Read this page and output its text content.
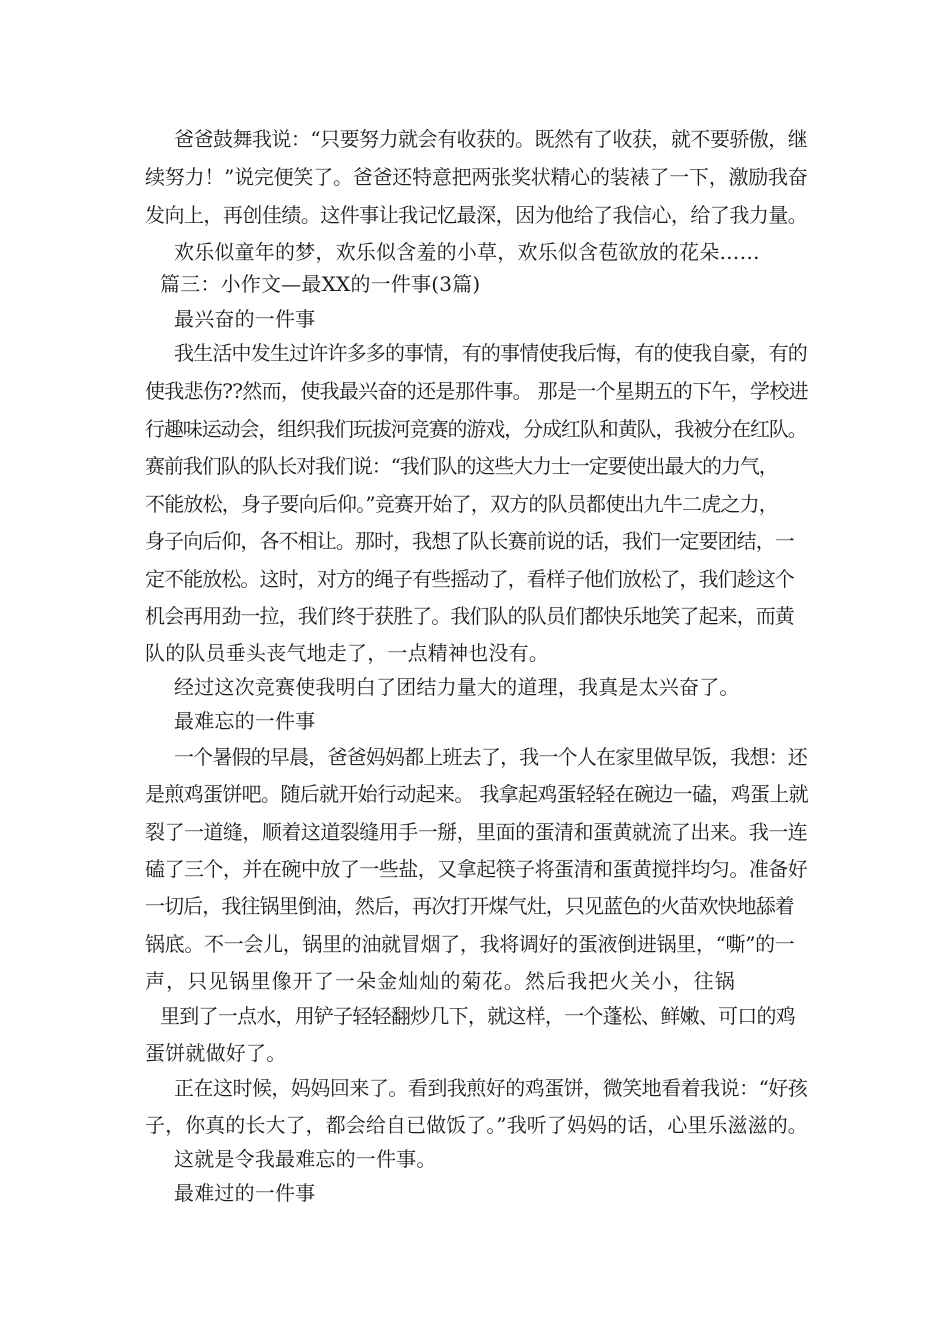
爸爸鼓舞我说：“只要努力就会有收获的。既然有了收获，就不要骄傲，继
续努力！”说完便笑了。爸爸还特意把两张奖状精心的装裱了一下，激励我奋
发向上，再创佳绩。这件事让我记忆最深，因为他给了我信心，给了我力量。
欢乐似童年的梦，欢乐似含羞的小草，欢乐似含苞欲放的花朵……
篇三：小作文—最XX的一件事(3篇)
最兴奋的一件事
我生活中发生过许许多多的事情，有的事情使我后悔，有的使我自豪，有的
使我悲伤??然而，使我最兴奋的还是那件事。 那是一个星期五的下午，学校进
行趣味运动会，组织我们玩拔河竞赛的游戏，分成红队和黄队，我被分在红队。
赛前我们队的队长对我们说：“我们队的这些大力士一定要使出最大的力气，
不能放松，身子要向后仰。”竞赛开始了，双方的队员都使出九牛二虎之力，
身子向后仰，各不相让。那时，我想了队长赛前说的话，我们一定要团结，一
定不能放松。这时，对方的绳子有些摇动了，看样子他们放松了，我们趁这个
机会再用劲一拉，我们终于获胜了。我们队的队员们都快乐地笑了起来，而黄
队的队员垂头丧气地走了，一点精神也没有。
经过这次竞赛使我明白了团结力量大的道理，我真是太兴奋了。
最难忘的一件事
一个暑假的早晨，爸爸妈妈都上班去了，我一个人在家里做早饭，我想：还
是煎鸡蛋饼吧。随后就开始行动起来。 我拿起鸡蛋轻轻在碗边一磕，鸡蛋上就
裂了一道缝，顺着这道裂缝用手一掰，里面的蛋清和蛋黄就流了出来。我一连
磕了三个，并在碗中放了一些盐，又拿起筷子将蛋清和蛋黄搅拌均匀。准备好
一切后，我往锅里倒油，然后，再次打开煤气灶，只见蓝色的火苗欢快地舔着
锅底。不一会儿，锅里的油就冒烟了，我将调好的蛋液倒进锅里，“嘶”的一
声，只见锅里像开了一朵金灿灿的菊花。然后我把火关小，往锅
里到了一点水，用铲子轻轻翻炒几下，就这样，一个蓬松、鲜嫩、可口的鸡
蛋饼就做好了。
正在这时候，妈妈回来了。看到我煎好的鸡蛋饼，微笑地看着我说：“好孩
子，你真的长大了，都会给自已做饭了。”我听了妈妈的话，心里乐滋滋的。
这就是令我最难忘的一件事。
最难过的一件事
